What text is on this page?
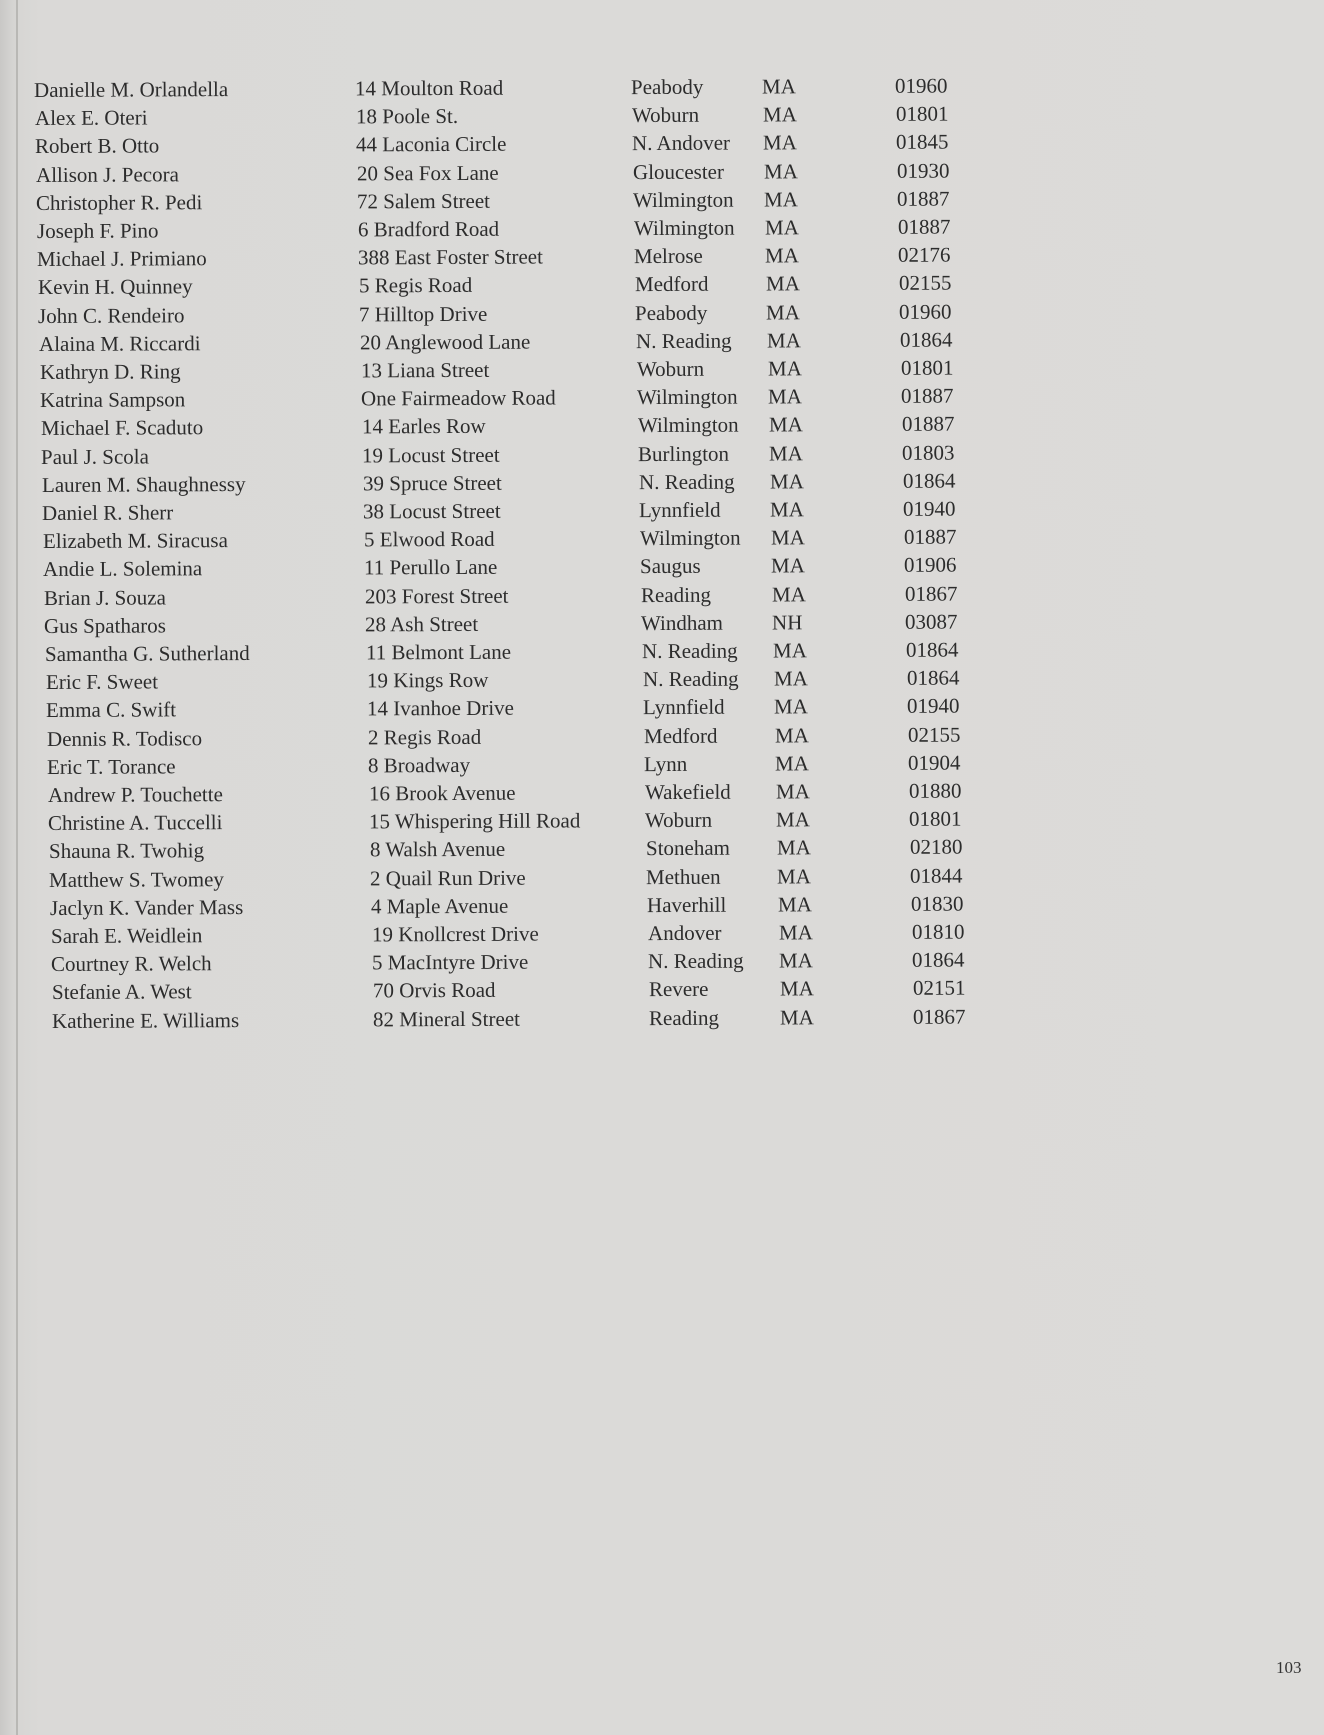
Danielle M. Orlandella	14 Moulton Road	Peabody	MA	01960
Alex E. Oteri	18 Poole St.	Woburn	MA	01801
Robert B. Otto	44 Laconia Circle	N. Andover MA	01845
Allison J. Pecora	20 Sea Fox Lane	Gloucester MA	01930
Christopher R. Pedi	72 Salem Street	Wilmington MA	01887
Joseph F. Pino	6 Bradford Road	Wilmington MA	01887
Michael J. Primiano	388 East Foster Street	Melrose	MA	02176
Kevin H. Quinney	5 Regis Road	Medford	MA	02155
John C. Rendeiro	7 Hilltop Drive	Peabody	MA	01960
Alaina M. Riccardi	20 Anglewood Lane	N. Reading MA	01864
Kathryn D. Ring	13 Liana Street	Woburn	MA	01801
Katrina Sampson	One Fairmeadow Road	Wilmington MA	01887
Michael F. Scaduto	14 Earles Row	Wilmington MA	01887
Paul J. Scola	19 Locust Street	Burlington MA	01803
Lauren M. Shaughnessy	39 Spruce Street	N. Reading MA	01864
Daniel R. Sherr	38 Locust Street	Lynnfield MA	01940
Elizabeth M. Siracusa	5 Elwood Road	Wilmington MA	01887
Andie L. Solemina	11 Perullo Lane	Saugus	MA	01906
Brian J. Souza	203 Forest Street	Reading	MA	01867
Gus Spatharos	28 Ash Street	Windham NH	03087
Samantha G. Sutherland	11 Belmont Lane	N. Reading MA	01864
Eric F. Sweet	19 Kings Row	N. Reading MA	01864
Emma C. Swift	14 Ivanhoe Drive	Lynnfield MA	01940
Dennis R. Todisco	2 Regis Road	Medford	MA	02155
Eric T. Torance	8 Broadway	Lynn	MA	01904
Andrew P. Touchette	16 Brook Avenue	Wakefield MA	01880
Christine A. Tuccelli	15 Whispering Hill Road	Woburn	MA	01801
Shauna R. Twohig	8 Walsh Avenue	Stoneham MA	02180
Matthew S. Twomey	2 Quail Run Drive	Methuen	MA	01844
Jaclyn K. Vander Mass	4 Maple Avenue	Haverhill MA	01830
Sarah E. Weidlein	19 Knollcrest Drive	Andover	MA	01810
Courtney R. Welch	5 MacIntyre Drive	N. Reading MA	01864
Stefanie A. West	70 Orvis Road	Revere	MA	02151
Katherine E. Williams	82 Mineral Street	Reading	MA	01867
103
